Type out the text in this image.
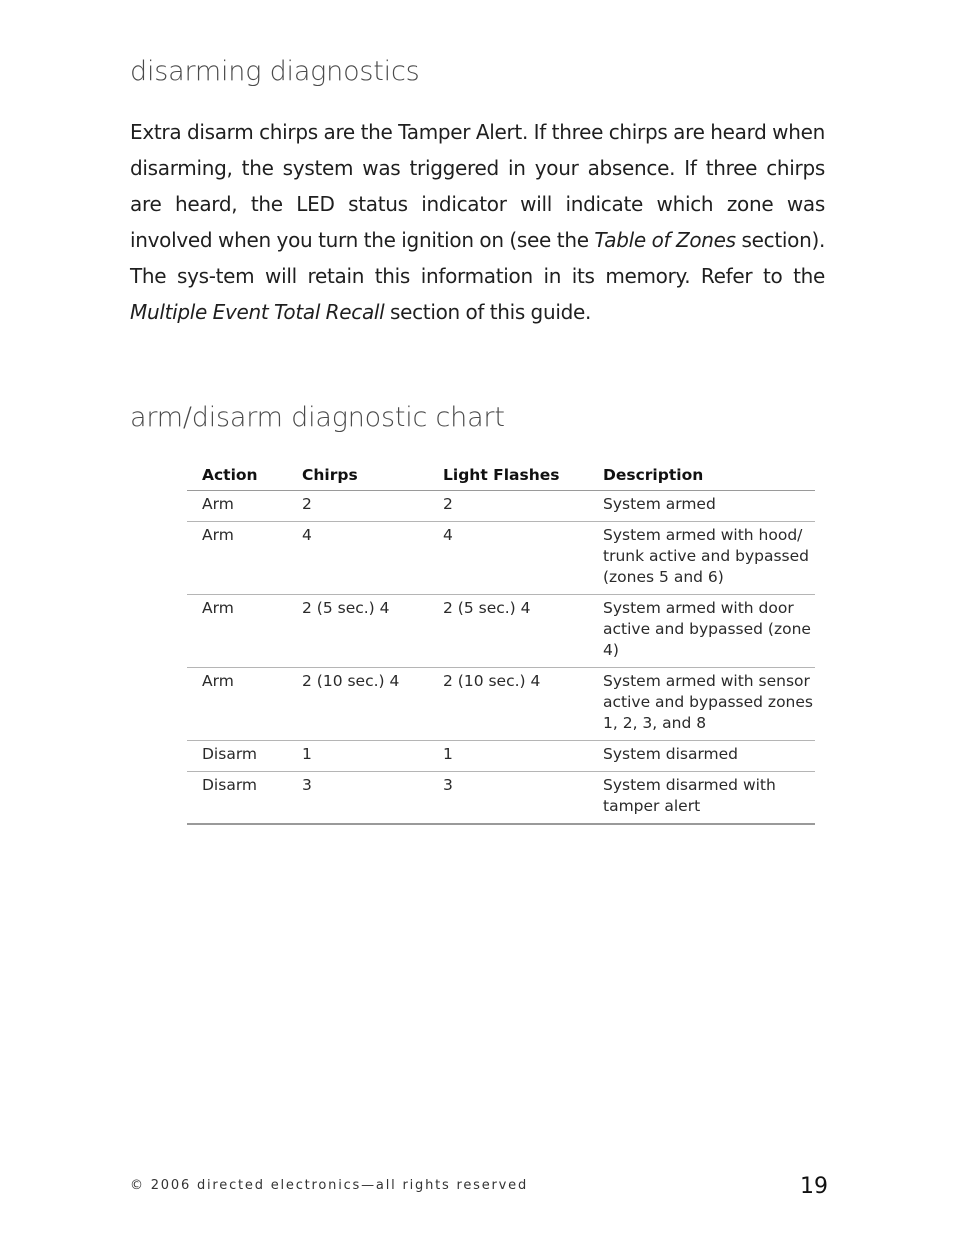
disarming diagnostics

Extra disarm chirps are the Tamper Alert. If three chirps are heard when disarming, the system was triggered in your absence. If three chirps are heard, the LED status indicator will indicate which zone was involved when you turn the ignition on (see the Table of Zones section). The sys-tem will retain this information in its memory. Refer to the Multiple Event Total Recall section of this guide.

arm/disarm diagnostic chart
Action	Chirps	Light Flashes	Description
Arm	2	2	System armed
Arm	4	4	System armed with hood/ trunk active and bypassed (zones 5 and 6)
Arm	2 (5 sec.) 4	2 (5 sec.) 4	System armed with door active and bypassed (zone 4)
Arm	2 (10 sec.) 4	2 (10 sec.) 4	System armed with sensor active and bypassed zones 1, 2, 3, and 8
Disarm	1	1	System disarmed
Disarm	3	3	System disarmed with tamper alert

© 2006 directed electronics—all rights reserved	19
